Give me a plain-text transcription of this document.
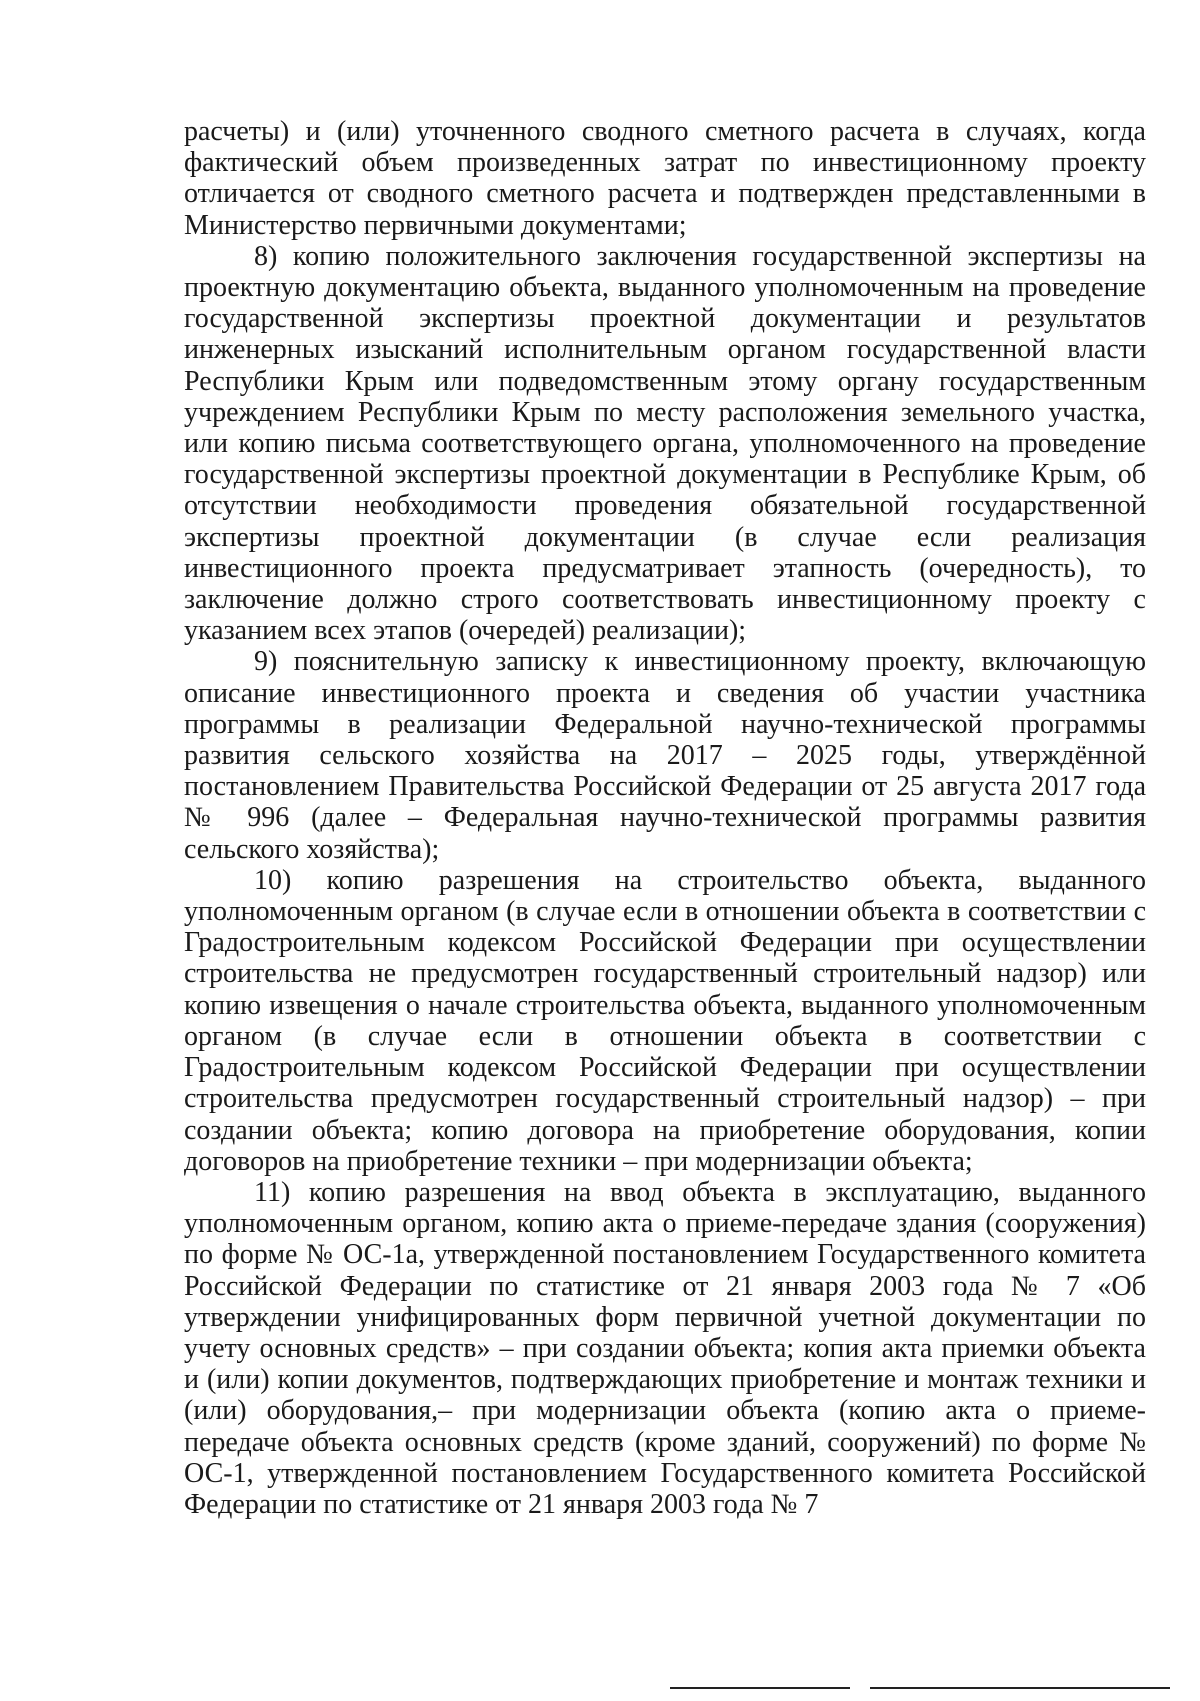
расчеты) и (или) уточненного сводного сметного расчета в случаях, когда фактический объем произведенных затрат по инвестиционному проекту отличается от сводного сметного расчета и подтвержден представленными в Министерство первичными документами;

8) копию положительного заключения государственной экспертизы на проектную документацию объекта, выданного уполномоченным на проведение государственной экспертизы проектной документации и результатов инженерных изысканий исполнительным органом государственной власти Республики Крым или подведомственным этому органу государственным учреждением Республики Крым по месту расположения земельного участка, или копию письма соответствующего органа, уполномоченного на проведение государственной экспертизы проектной документации в Республике Крым, об отсутствии необходимости проведения обязательной государственной экспертизы проектной документации (в случае если реализация инвестиционного проекта предусматривает этапность (очередность), то заключение должно строго соответствовать инвестиционному проекту с указанием всех этапов (очередей) реализации);

9) пояснительную записку к инвестиционному проекту, включающую описание инвестиционного проекта и сведения об участии участника программы в реализации Федеральной научно-технической программы развития сельского хозяйства на 2017 – 2025 годы, утверждённой постановлением Правительства Российской Федерации от 25 августа 2017 года № 996 (далее – Федеральная научно-технической программы развития сельского хозяйства);

10) копию разрешения на строительство объекта, выданного уполномоченным органом (в случае если в отношении объекта в соответствии с Градостроительным кодексом Российской Федерации при осуществлении строительства не предусмотрен государственный строительный надзор) или копию извещения о начале строительства объекта, выданного уполномоченным органом (в случае если в отношении объекта в соответствии с Градостроительным кодексом Российской Федерации при осуществлении строительства предусмотрен государственный строительный надзор) – при создании объекта; копию договора на приобретение оборудования, копии договоров на приобретение техники – при модернизации объекта;

11) копию разрешения на ввод объекта в эксплуатацию, выданного уполномоченным органом, копию акта о приеме-передаче здания (сооружения) по форме № ОС-1а, утвержденной постановлением Государственного комитета Российской Федерации по статистике от 21 января 2003 года № 7 «Об утверждении унифицированных форм первичной учетной документации по учету основных средств» – при создании объекта; копия акта приемки объекта и (или) копии документов, подтверждающих приобретение и монтаж техники и (или) оборудования,– при модернизации объекта (копию акта о приеме-передаче объекта основных средств (кроме зданий, сооружений) по форме № ОС-1, утвержденной постановлением Государственного комитета Российской Федерации по статистике от 21 января 2003 года № 7
